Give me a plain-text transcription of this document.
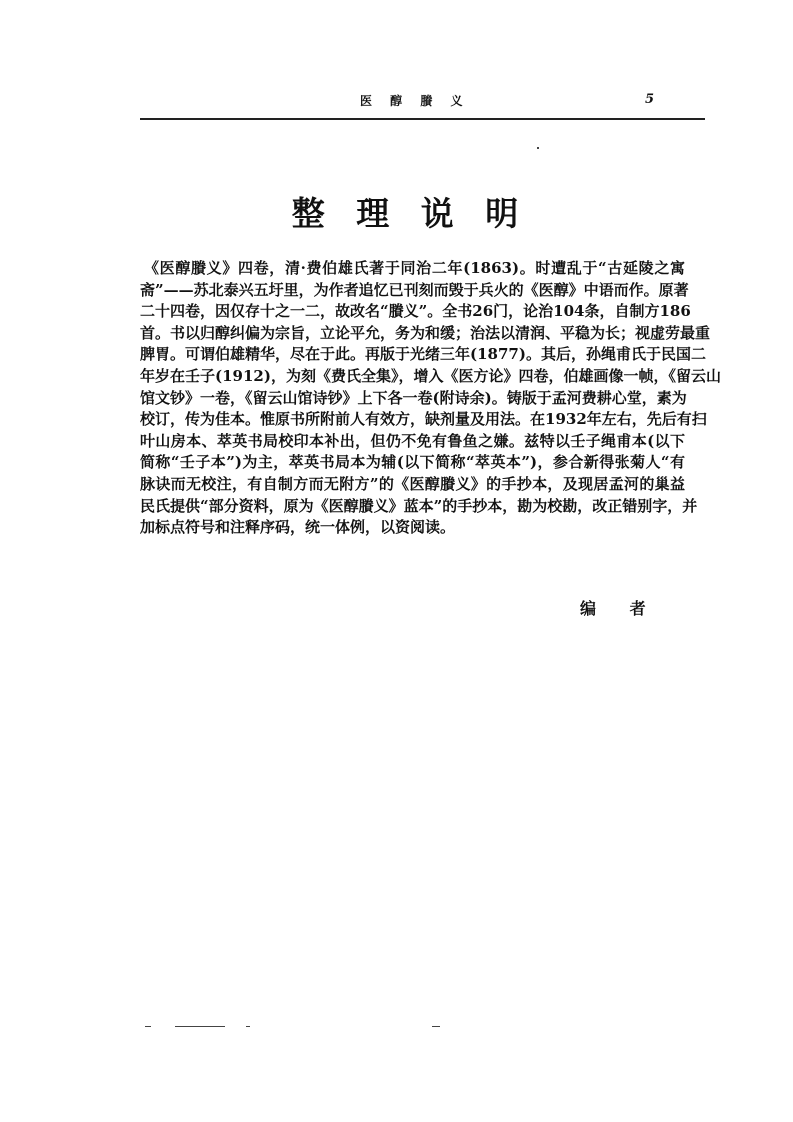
医 醇 賸 义	5
整 理 说 明
《医醇賸义》四卷，清·费伯雄氏著于同治二年(1863)。时遭乱于“古延陵之寓
斋”——苏北泰兴五圩里，为作者追忆已刊刻而毁于兵火的《医醇》中语而作。原著
二十四卷，因仅存十之一二，故改名“賸义”。全书26门，论治104条，自制方186
首。书以归醇纠偏为宗旨，立论平允，务为和缓；治法以清润、平稳为长；视虚劳最重
脾胃。可谓伯雄精华，尽在于此。再版于光绪三年(1877)。其后，孙绳甫氏于民国二
年岁在壬子(1912)，为刻《费氏全集》，增入《医方论》四卷，伯雄画像一帧，《留云山
馆文钞》一卷，《留云山馆诗钞》上下各一卷(附诗余)。铸版于孟河费耕心堂，素为
校订，传为佳本。惟原书所附前人有效方，缺剂量及用法。在1932年左右，先后有扫
叶山房本、萃英书局校印本补出，但仍不免有鲁鱼之嫌。兹特以壬子绳甫本(以下
简称“壬子本”)为主，萃英书局本为辅(以下简称“萃英本”)，参合新得张菊人“有
脉诀而无校注，有自制方而无附方”的《医醇賸义》的手抄本，及现居孟河的巢益
民氏提供“部分资料，原为《医醇賸义》蓝本”的手抄本，勘为校勘，改正错别字，并
加标点符号和注释序码，统一体例，以资阅读。
编 者
